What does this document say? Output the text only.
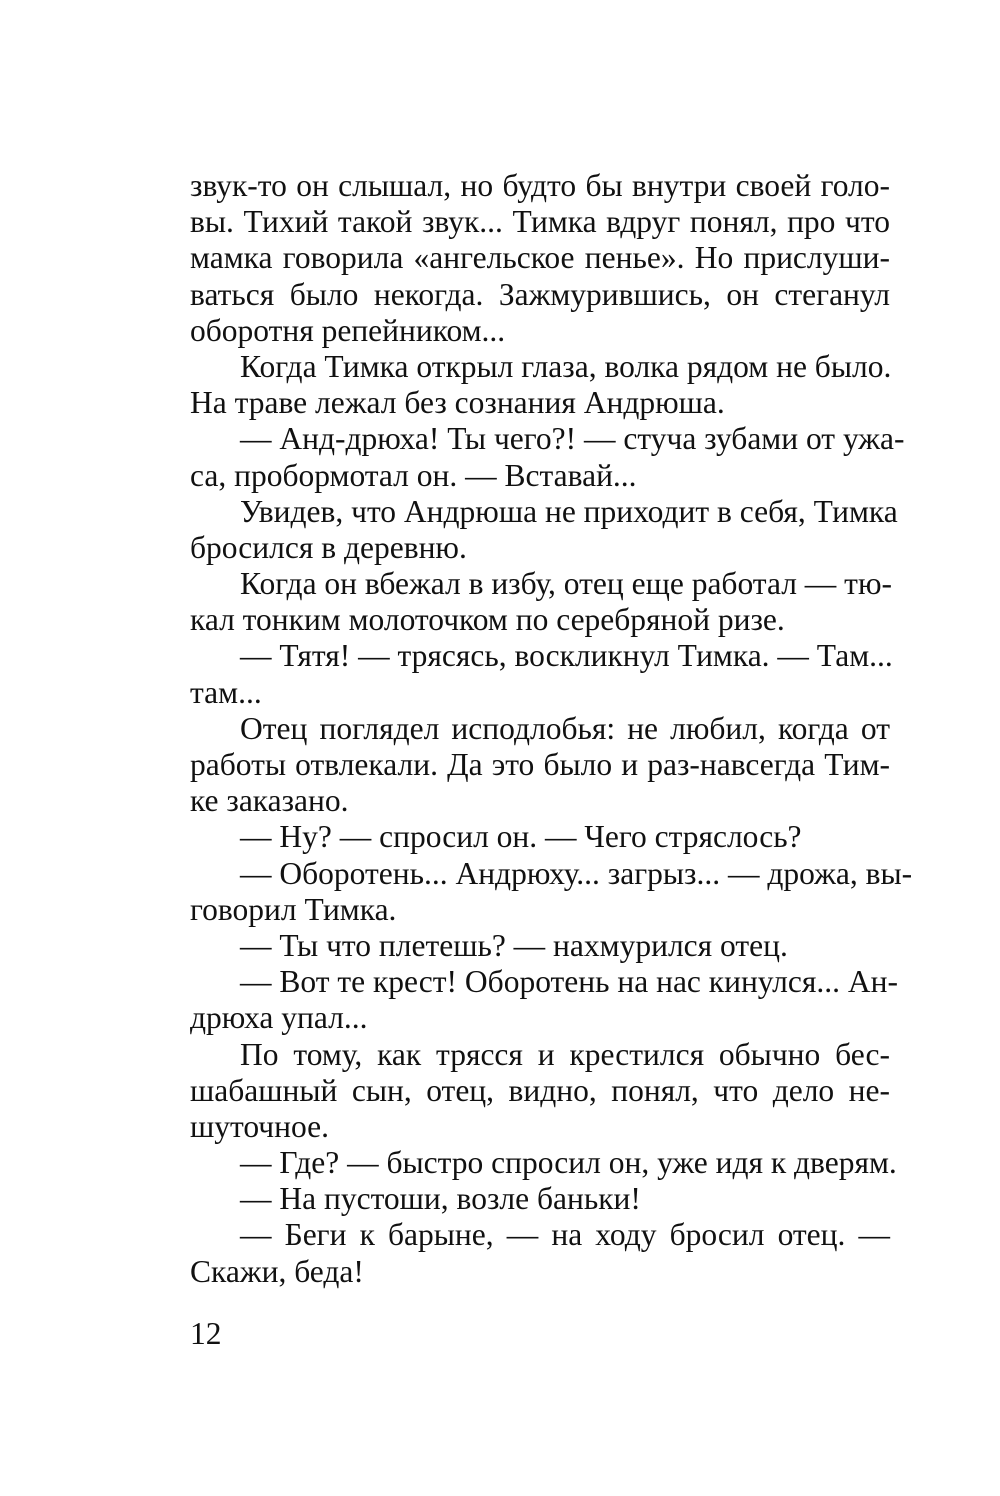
звук-то он слышал, но будто бы внутри своей голо-
вы. Тихий такой звук... Тимка вдруг понял, про что
мамка говорила «ангельское пенье». Но прислуши-
ваться было некогда. Зажмурившись, он стеганул
оборотня репейником...
Когда Тимка открыл глаза, волка рядом не было.
На траве лежал без сознания Андрюша.
— Анд-дрюха! Ты чего?! — стуча зубами от ужа-
са, пробормотал он. — Вставай...
Увидев, что Андрюша не приходит в себя, Тимка
бросился в деревню.
Когда он вбежал в избу, отец еще работал — тю-
кал тонким молоточком по серебряной ризе.
— Тятя! — трясясь, воскликнул Тимка. — Там...
там...
Отец поглядел исподлобья: не любил, когда от
работы отвлекали. Да это было и раз-навсегда Тим-
ке заказано.
— Ну? — спросил он. — Чего стряслось?
— Оборотень... Андрюху... загрыз... — дрожа, вы-
говорил Тимка.
— Ты что плетешь? — нахмурился отец.
— Вот те крест! Оборотень на нас кинулся... Ан-
дрюха упал...
По тому, как трясся и крестился обычно бес-
шабашный сын, отец, видно, понял, что дело не-
шуточное.
— Где? — быстро спросил он, уже идя к дверям.
— На пустоши, возле баньки!
— Беги к барыне, — на ходу бросил отец. —
Скажи, беда!
12
